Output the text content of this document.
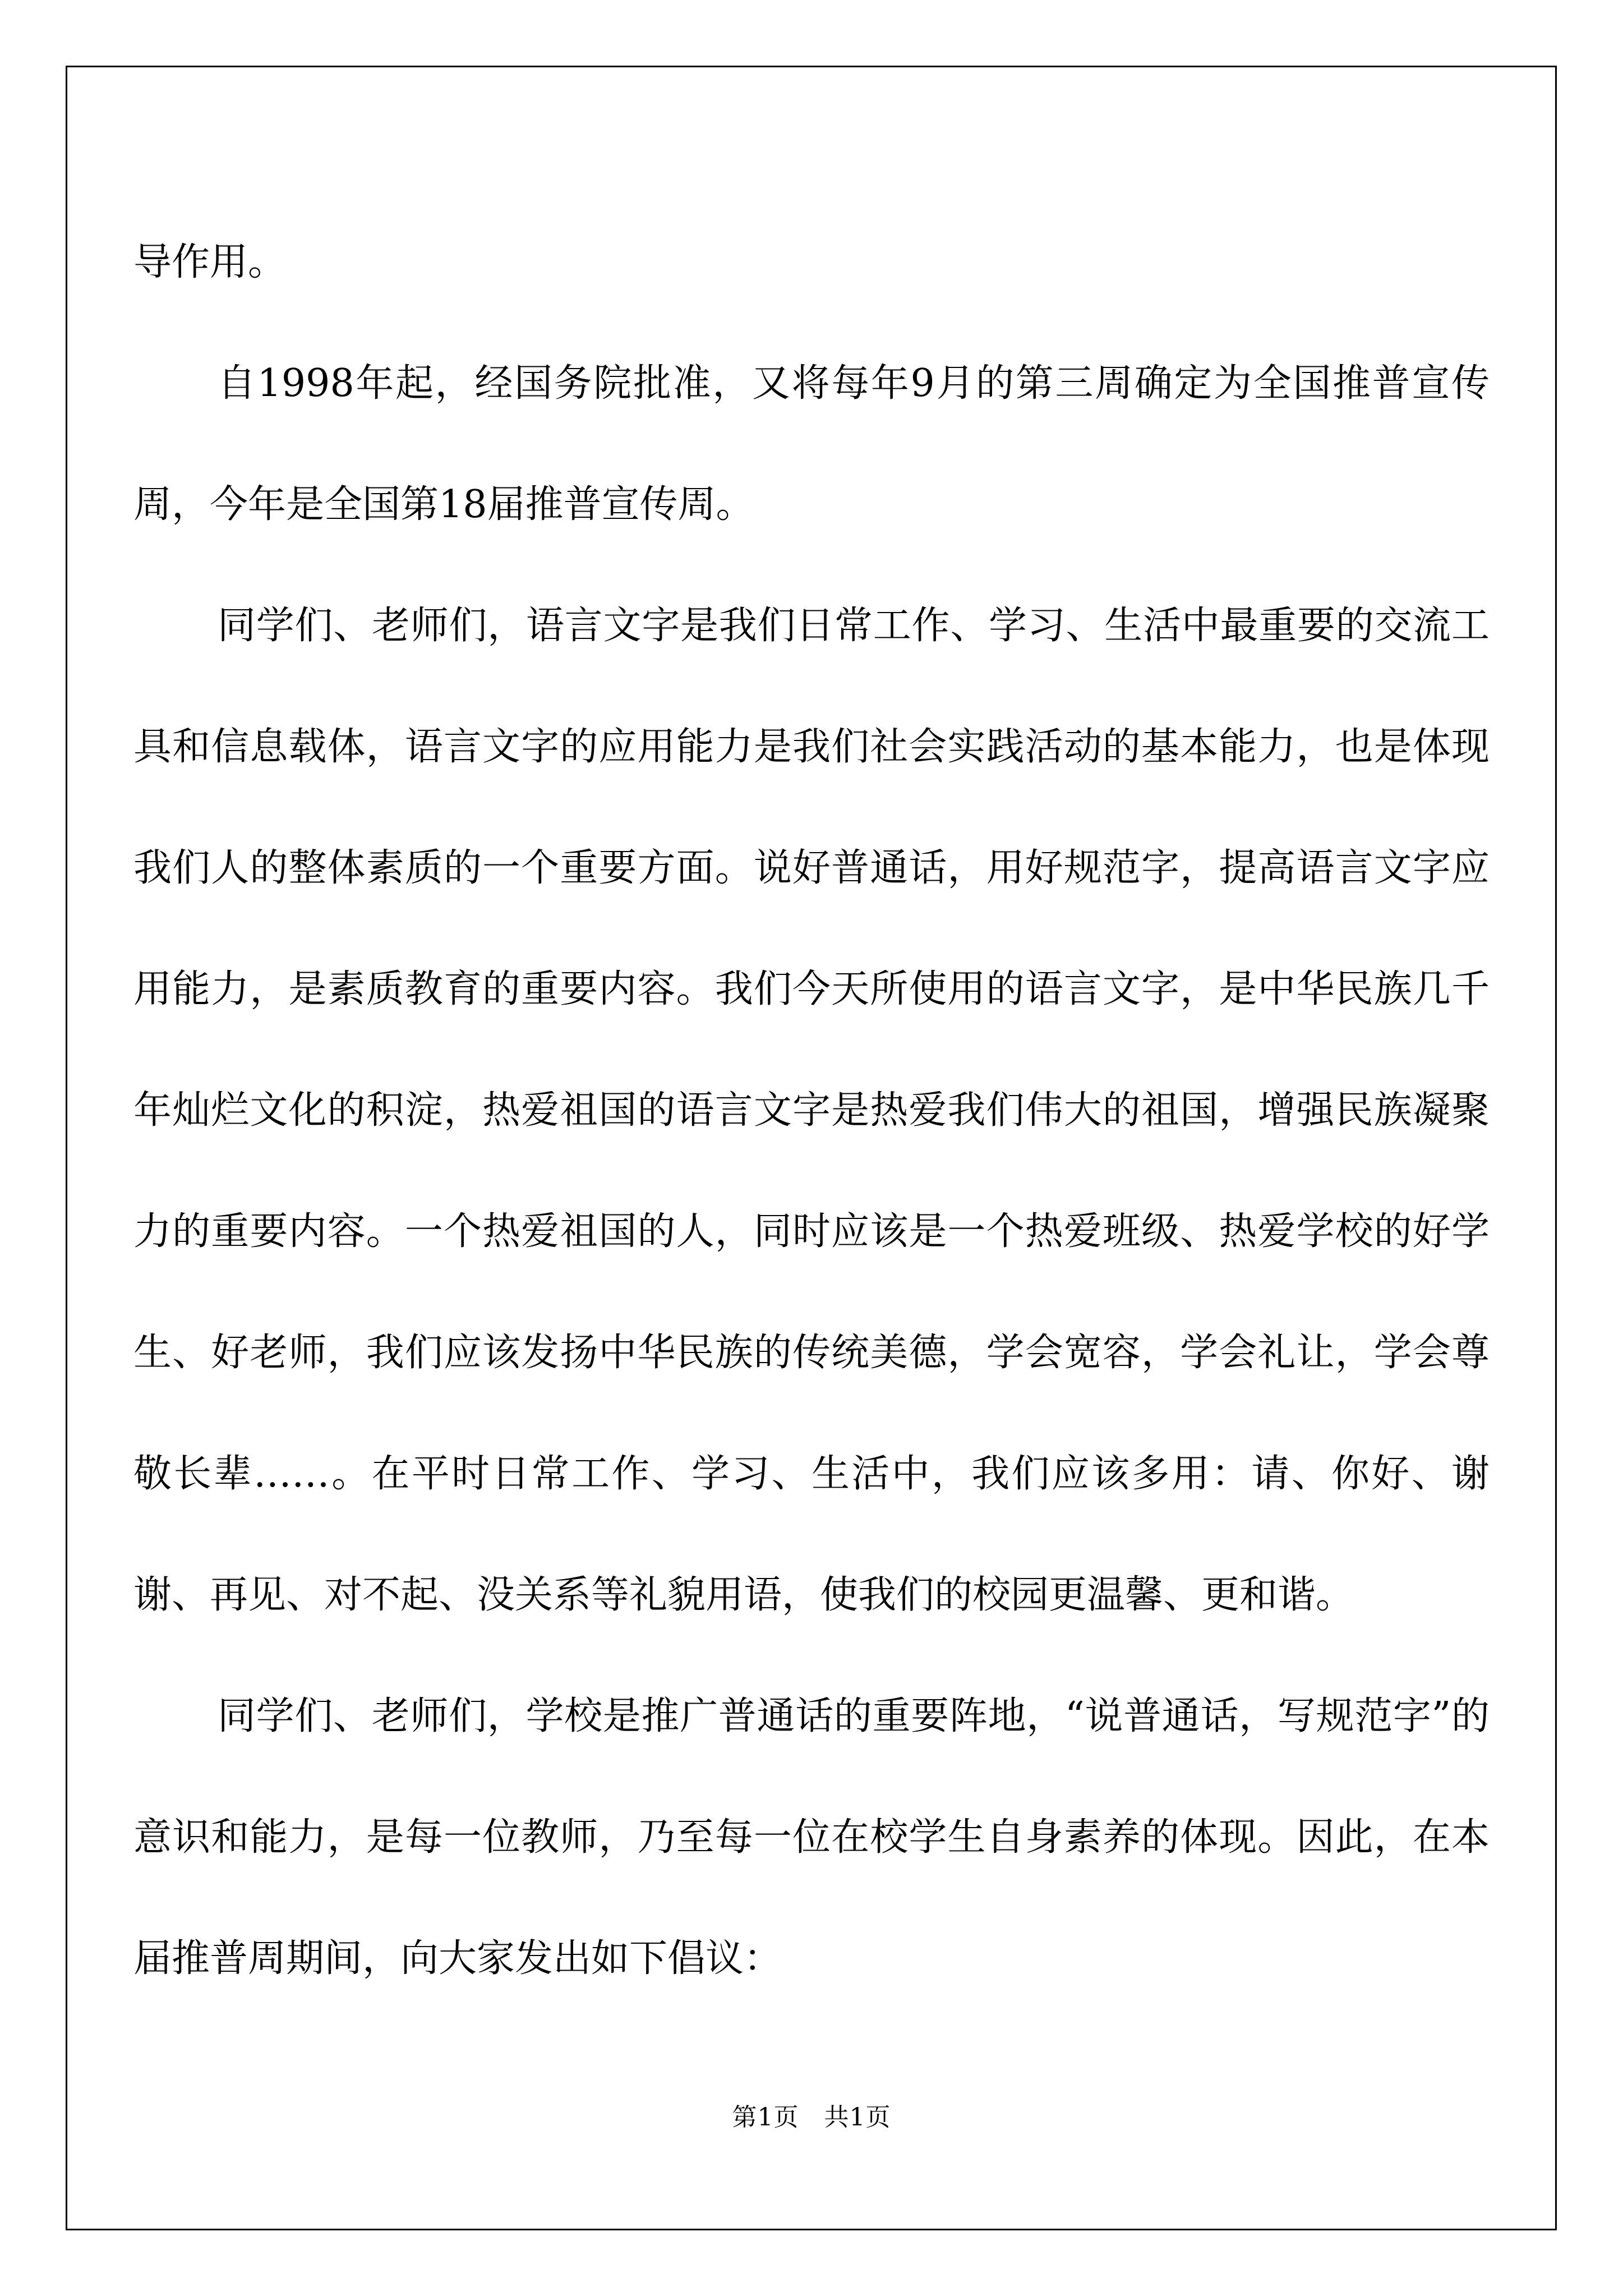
导作用。

自1998年起，经国务院批准，又将每年9月的第三周确定为全国推普宣传周，今年是全国第18届推普宣传周。

同学们、老师们，语言文字是我们日常工作、学习、生活中最重要的交流工具和信息载体，语言文字的应用能力是我们社会实践活动的基本能力，也是体现我们人的整体素质的一个重要方面。说好普通话，用好规范字，提高语言文字应用能力，是素质教育的重要内容。我们今天所使用的语言文字，是中华民族几千年灿烂文化的积淀，热爱祖国的语言文字是热爱我们伟大的祖国，增强民族凝聚力的重要内容。一个热爱祖国的人，同时应该是一个热爱班级、热爱学校的好学生、好老师，我们应该发扬中华民族的传统美德，学会宽容，学会礼让，学会尊敬长辈……。在平时日常工作、学习、生活中，我们应该多用：请、你好、谢谢、再见、对不起、没关系等礼貌用语，使我们的校园更温馨、更和谐。

同学们、老师们，学校是推广普通话的重要阵地，“说普通话，写规范字”的意识和能力，是每一位教师，乃至每一位在校学生自身素养的体现。因此，在本届推普周期间，向大家发出如下倡议：

第1页　共1页
